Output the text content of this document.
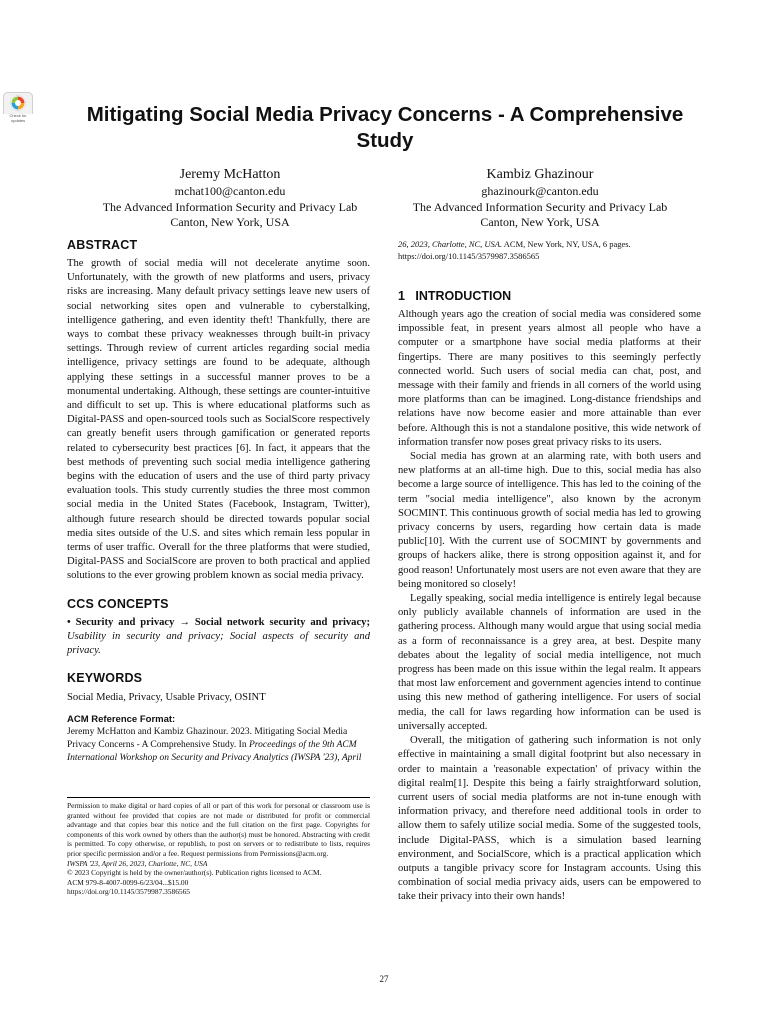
Check for updates	Mitigating Social Media Privacy Concerns - A Comprehensive Study
Jeremy McHatton
mchat100@canton.edu
The Advanced Information Security and Privacy Lab
Canton, New York, USA
Kambiz Ghazinour
ghazinourk@canton.edu
The Advanced Information Security and Privacy Lab
Canton, New York, USA
ABSTRACT

The growth of social media will not decelerate anytime soon. Unfortunately, with the growth of new platforms and users, privacy risks are increasing. Many default privacy settings leave new users of social networking sites open and vulnerable to cyberstalking, intelligence gathering, and even identity theft! Thankfully, there are ways to combat these privacy weaknesses through built-in privacy settings. Through review of current articles regarding social media intelligence, privacy settings are found to be adequate, although applying these settings in a successful manner proves to be a monumental undertaking. Although, these settings are counter-intuitive and difficult to set up. This is where educational platforms such as Digital-PASS and open-sourced tools such as SocialScore respectively can greatly benefit users through gamification or generated reports related to cybersecurity best practices [6]. In fact, it appears that the best methods of preventing such social media intelligence gathering begins with the education of users and the use of third party privacy evaluation tools. This study currently studies the three most common social media in the United States (Facebook, Instagram, Twitter), although future research should be directed towards popular social media sites outside of the U.S. and sites which remain less popular in terms of user traffic. Overall for the three platforms that were studied, Digital-PASS and SocialScore are proven to both practical and applied solutions to the ever growing problem known as social media privacy.

CCS CONCEPTS
• Security and privacy → Social network security and privacy; Usability in security and privacy; Social aspects of security and privacy.
KEYWORDS

Social Media, Privacy, Usable Privacy, OSINT

ACM Reference Format:
Jeremy McHatton and Kambiz Ghazinour. 2023. Mitigating Social Media Privacy Concerns - A Comprehensive Study. In Proceedings of the 9th ACM International Workshop on Security and Privacy Analytics (IWSPA '23), April
Permission to make digital or hard copies of all or part of this work for personal or classroom use is granted without fee provided that copies are not made or distributed for profit or commercial advantage and that copies bear this notice and the full citation on the first page. Copyrights for components of this work owned by others than the author(s) must be honored. Abstracting with credit is permitted. To copy otherwise, or republish, to post on servers or to redistribute to lists, requires prior specific permission and/or a fee. Request permissions from Permissions@acm.org.
IWSPA '23, April 26, 2023, Charlotte, NC, USA
© 2023 Copyright is held by the owner/author(s). Publication rights licensed to ACM.
ACM 979-8-4007-0099-6/23/04...$15.00
https://doi.org/10.1145/3579987.3586565
26, 2023, Charlotte, NC, USA. ACM, New York, NY, USA, 6 pages. https://doi.org/10.1145/3579987.3586565
1 INTRODUCTION

Although years ago the creation of social media was considered some impossible feat, in present years almost all people who have a computer or a smartphone have social media platforms at their fingertips. There are many positives to this seemingly perfectly connected world. Such users of social media can chat, post, and message with their family and friends in all corners of the world using more platforms than can be imagined. Long-distance friendships and relations have now become easier and more attainable than ever before. Although this is not a standalone positive, this wide network of information transfer now poses great privacy risks to its users.

Social media has grown at an alarming rate, with both users and new platforms at an all-time high. Due to this, social media has also become a large source of intelligence. This has led to the coining of the term "social media intelligence", also known by the acronym SOCMINT. This continuous growth of social media has led to growing privacy concerns by users, regarding how certain data is made public[10]. With the current use of SOCMINT by governments and groups of hackers alike, there is strong opposition against it, and for good reason! Unfortunately most users are not even aware that they are being monitored so closely!

Legally speaking, social media intelligence is entirely legal because only publicly available channels of information are used in the gathering process. Although many would argue that using social media as a form of reconnaissance is a grey area, at best. Despite many debates about the legality of social media intelligence, not much progress has been made on this issue within the legal realm. It appears that most law enforcement and government agencies intend to continue using this new method of gathering intelligence. For users of social media, the call for laws regarding how information can be used is universally accepted.

Overall, the mitigation of gathering such information is not only effective in maintaining a small digital footprint but also necessary in order to maintain a 'reasonable expectation' of privacy within the digital realm[1]. Despite this being a fairly straightforward solution, current users of social media platforms are not in-tune enough with information privacy, and therefore need additional tools in order to allow them to safely utilize social media. Some of the suggested tools, include Digital-PASS, which is a simulation based learning environment, and SocialScore, which is a practical application which outputs a tangible privacy score for Instagram accounts. Using this combination of social media privacy aids, users can be empowered to take their privacy into their own hands!

27
